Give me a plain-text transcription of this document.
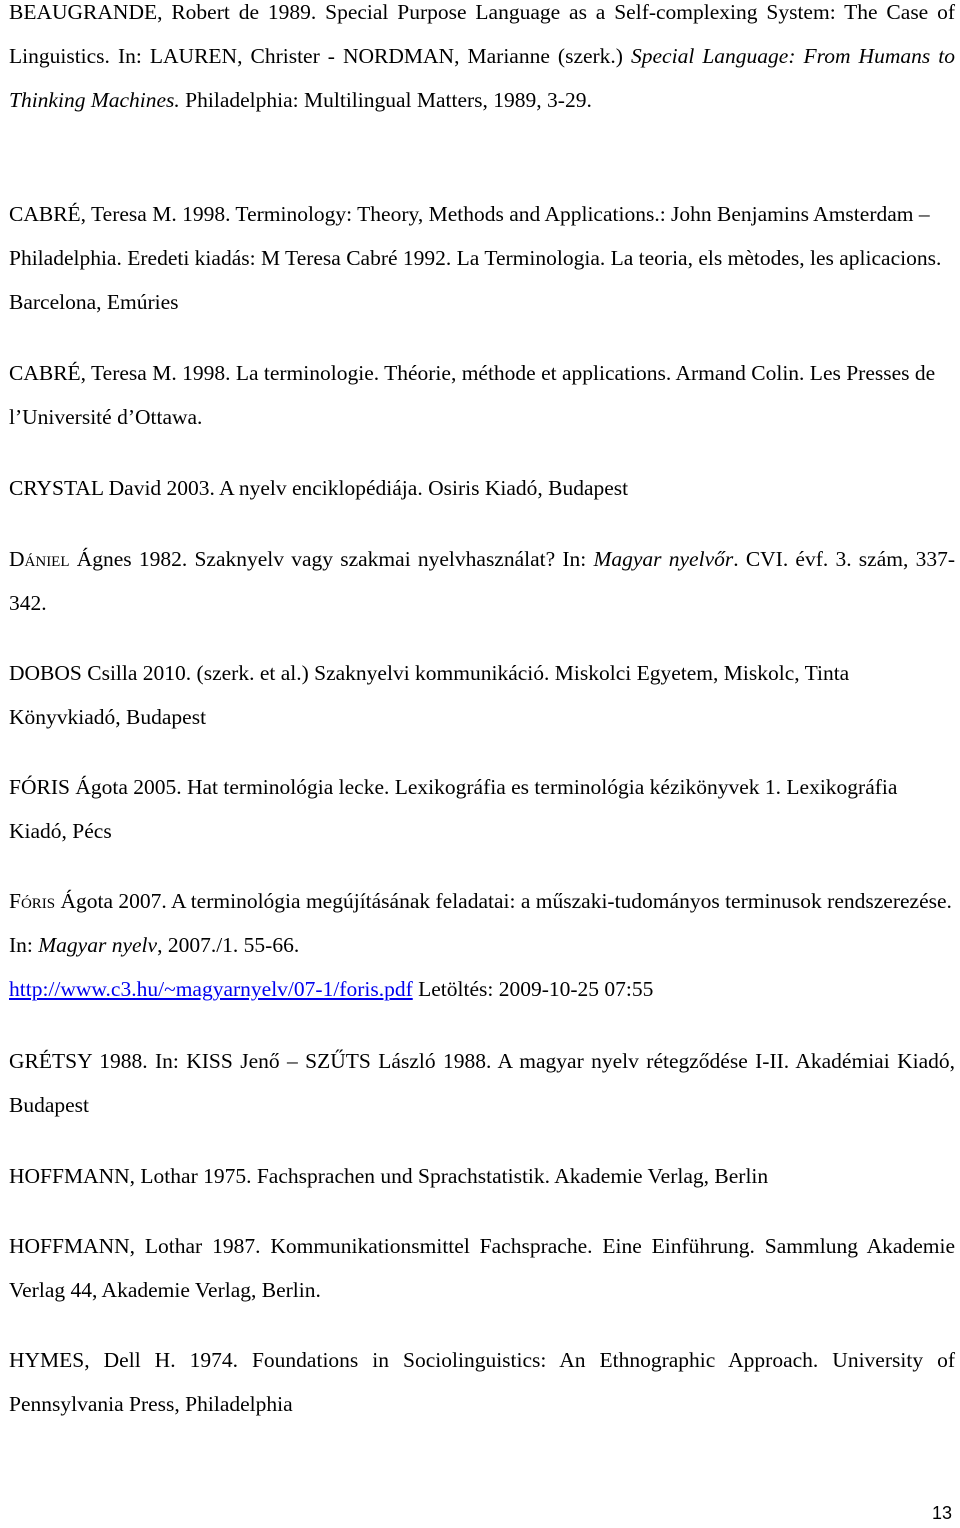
BEAUGRANDE, Robert de 1989. Special Purpose Language as a Self-complexing System: The Case of Linguistics. In: LAUREN, Christer - NORDMAN, Marianne (szerk.) Special Language: From Humans to Thinking Machines. Philadelphia: Multilingual Matters, 1989, 3-29.

CABRÉ, Teresa M. 1998. Terminology: Theory, Methods and Applications.: John Benjamins Amsterdam – Philadelphia. Eredeti kiadás: M Teresa Cabré 1992. La Terminologia. La teoria, els mètodes, les aplicacions. Barcelona, Emúries

CABRÉ, Teresa M. 1998. La terminologie. Théorie, méthode et applications. Armand Colin. Les Presses de l’Université d’Ottawa.

CRYSTAL David 2003. A nyelv enciklopédiája. Osiris Kiadó, Budapest

Dániel Ágnes 1982. Szaknyelv vagy szakmai nyelvhasználat? In: Magyar nyelvőr. CVI. évf. 3. szám, 337-342.

DOBOS Csilla 2010. (szerk. et al.) Szaknyelvi kommunikáció. Miskolci Egyetem, Miskolc, Tinta Könyvkiadó, Budapest

FÓRIS Ágota 2005. Hat terminológia lecke. Lexikográfia es terminológia kézikönyvek 1. Lexikográfia Kiadó, Pécs

Fóris Ágota 2007. A terminológia megújításának feladatai: a műszaki-tudományos terminusok rendszerezése. In: Magyar nyelv, 2007./1. 55-66.
http://www.c3.hu/~magyarnyelv/07-1/foris.pdf Letöltés: 2009-10-25 07:55

GRÉTSY 1988. In: KISS Jenő – SZŰTS László 1988. A magyar nyelv rétegződése I-II. Akadémiai Kiadó, Budapest

HOFFMANN, Lothar 1975. Fachsprachen und Sprachstatistik. Akademie Verlag, Berlin

HOFFMANN, Lothar 1987. Kommunikationsmittel Fachsprache. Eine Einführung. Sammlung Akademie Verlag 44, Akademie Verlag, Berlin.

HYMES, Dell H. 1974. Foundations in Sociolinguistics: An Ethnographic Approach. University of Pennsylvania Press, Philadelphia

13
